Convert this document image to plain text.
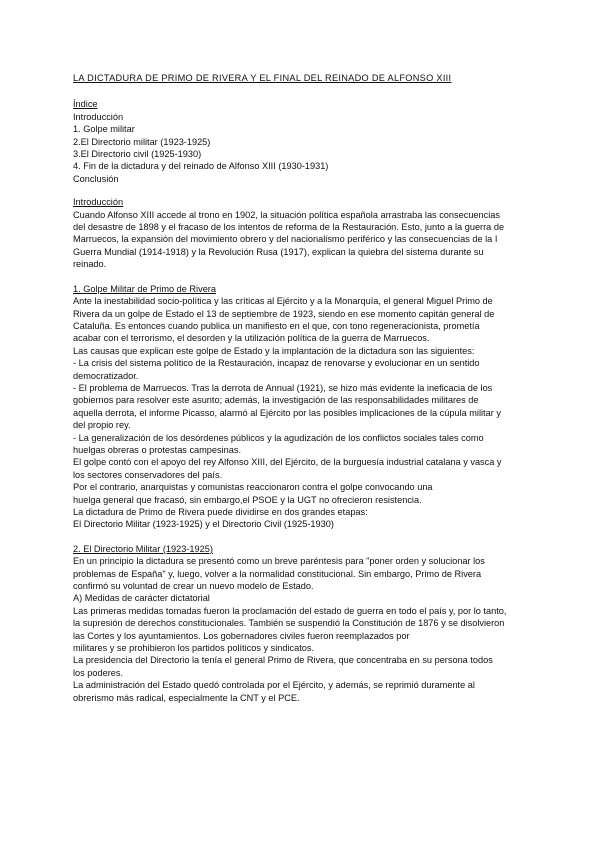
LA DICTADURA DE PRIMO DE RIVERA Y EL FINAL DEL REINADO DE ALFONSO XIII
Índice
Introducción
1. Golpe militar
2.El Directorio militar (1923-1925)
3.El Directorio civil (1925-1930)
4. Fin de la dictadura y del reinado de Alfonso XIII (1930-1931)
Conclusión
Introducción
Cuando Alfonso XIII accede al trono en 1902, la situación política española arrastraba las consecuencias
del desastre de 1898 y el fracaso de los intentos de reforma de la Restauración. Esto, junto a la guerra de
Marruecos, la expansión del movimiento obrero y del nacionalismo periférico y las consecuencias de la I
Guerra Mundial (1914-1918) y la Revolución Rusa (1917), explican la quiebra del sistema durante su
reinado.
1. Golpe Militar de Primo de Rivera
Ante la inestabilidad socio-política y las críticas al Ejército y a la Monarquía, el general Miguel Primo de
Rivera da un golpe de Estado el 13 de septiembre de 1923, siendo en ese momento capitán general de
Cataluña. Es entonces cuando publica un manifiesto en el que, con tono regeneracionista, prometía
acabar con el terrorismo, el desorden y la utilización política de la guerra de Marruecos.
Las causas que explican este golpe de Estado y la implantación de la dictadura son las siguientes:
- La crisis del sistema político de la Restauración, incapaz de renovarse y evolucionar en un sentido
democratizador.
- El problema de Marruecos. Tras la derrota de Annual (1921), se hizo más evidente la ineficacia de los
gobiernos para resolver este asunto; además, la investigación de las responsabilidades militares de
aquella derrota, el informe Picasso, alarmó al Ejército por las posibles implicaciones de la cúpula militar y
del propio rey.
- La generalización de los desórdenes públicos y la agudización de los conflictos sociales tales como
huelgas obreras o protestas campesinas.
El golpe contó con el apoyo del rey Alfonso XIII, del Ejército, de la burguesía industrial catalana y vasca y
los sectores conservadores del país.
Por el contrario, anarquistas y comunistas reaccionaron contra el golpe convocando una
huelga general que fracasó, sin embargo,el PSOE y la UGT no ofrecieron resistencia.
La dictadura de Primo de Rivera puede dividirse en dos grandes etapas:
El Directorio Militar (1923-1925) y el Directorio Civil (1925-1930)
2. El Directorio Militar (1923-1925)
En un principio la dictadura se presentó como un breve paréntesis para "poner orden y solucionar los
problemas de España" y, luego, volver a la normalidad constitucional. Sin embargo, Primo de Rivera
confirmó su voluntad de crear un nuevo modelo de Estado.
A) Medidas de carácter dictatorial
Las primeras medidas tomadas fueron la proclamación del estado de guerra en todo el país y, por lo tanto,
la supresión de derechos constitucionales. También se suspendió la Constitución de 1876 y se disolvieron
las Cortes y los ayuntamientos. Los gobernadores civiles fueron reemplazados por
militares y se prohibieron los partidos políticos y sindicatos.
La presidencia del Directorio la tenía el general Primo de Rivera, que concentraba en su persona todos
los poderes.
La administración del Estado quedó controlada por el Ejército, y además, se reprimió duramente al
obrerismo más radical, especialmente la CNT y el PCE.
